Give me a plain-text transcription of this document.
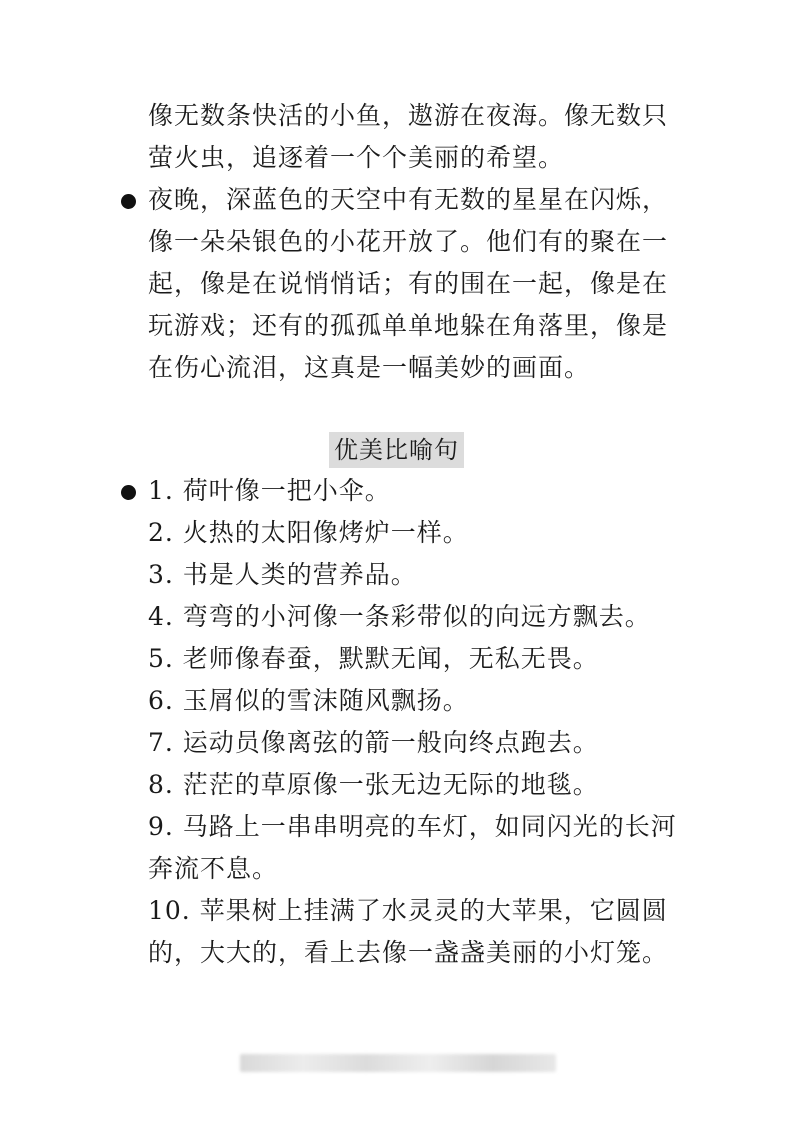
像无数条快活的小鱼，遨游在夜海。像无数只
萤火虫，追逐着一个个美丽的希望。
夜晚，深蓝色的天空中有无数的星星在闪烁，
像一朵朵银色的小花开放了。他们有的聚在一
起，像是在说悄悄话；有的围在一起，像是在
玩游戏；还有的孤孤单单地躲在角落里，像是
在伤心流泪，这真是一幅美妙的画面。
优美比喻句
1. 荷叶像一把小伞。
2. 火热的太阳像烤炉一样。
3. 书是人类的营养品。
4. 弯弯的小河像一条彩带似的向远方飘去。
5. 老师像春蚕，默默无闻，无私无畏。
6. 玉屑似的雪沫随风飘扬。
7. 运动员像离弦的箭一般向终点跑去。
8. 茫茫的草原像一张无边无际的地毯。
9. 马路上一串串明亮的车灯，如同闪光的长河
奔流不息。
10. 苹果树上挂满了水灵灵的大苹果，它圆圆
的，大大的，看上去像一盏盏美丽的小灯笼。
